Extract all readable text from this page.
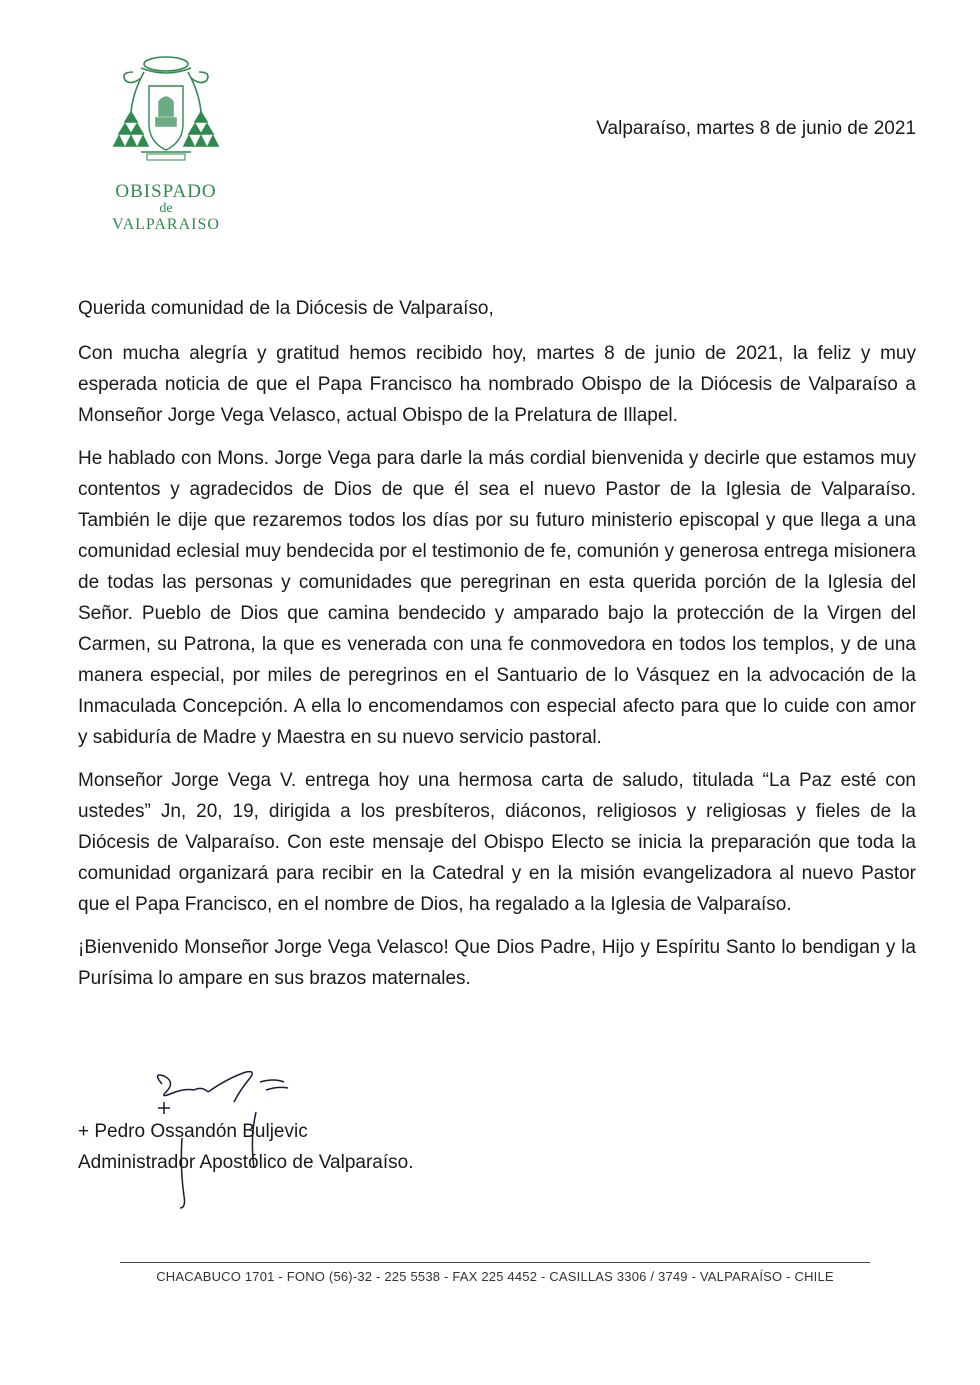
OBISPADO
de
VALPARAISO
Valparaíso, martes 8 de junio de 2021

Querida comunidad de la Diócesis de Valparaíso,

Con mucha alegría y gratitud hemos recibido hoy, martes 8 de junio de 2021, la feliz y muy esperada noticia de que el Papa Francisco ha nombrado Obispo de la Diócesis de Valparaíso a Monseñor Jorge Vega Velasco, actual Obispo de la Prelatura de Illapel.

He hablado con Mons. Jorge Vega para darle la más cordial bienvenida y decirle que estamos muy contentos y agradecidos de Dios de que él sea el nuevo Pastor de la Iglesia de Valparaíso. También le dije que rezaremos todos los días por su futuro ministerio episcopal y que llega a una comunidad eclesial muy bendecida por el testimonio de fe, comunión y generosa entrega misionera de todas las personas y comunidades que peregrinan en esta querida porción de la Iglesia del Señor. Pueblo de Dios que camina bendecido y amparado bajo la protección de la Virgen del Carmen, su Patrona, la que es venerada con una fe conmovedora en todos los templos, y de una manera especial, por miles de peregrinos en el Santuario de lo Vásquez en la advocación de la Inmaculada Concepción. A ella lo encomendamos con especial afecto para que lo cuide con amor y sabiduría de Madre y Maestra en su nuevo servicio pastoral.

Monseñor Jorge Vega V. entrega hoy una hermosa carta de saludo, titulada “La Paz esté con ustedes” Jn, 20, 19, dirigida a los presbíteros, diáconos, religiosos y religiosas y fieles de la Diócesis de Valparaíso. Con este mensaje del Obispo Electo se inicia la preparación que toda la comunidad organizará para recibir en la Catedral y en la misión evangelizadora al nuevo Pastor que el Papa Francisco, en el nombre de Dios, ha regalado a la Iglesia de Valparaíso.

¡Bienvenido Monseñor Jorge Vega Velasco! Que Dios Padre, Hijo y Espíritu Santo lo bendigan y la Purísima lo ampare en sus brazos maternales.

+ Pedro Ossandón Buljevic
Administrador Apostólico de Valparaíso.
CHACABUCO 1701 - FONO (56)-32 - 225 5538 - FAX 225 4452 - CASILLAS 3306 / 3749 - VALPARAÍSO - CHILE
